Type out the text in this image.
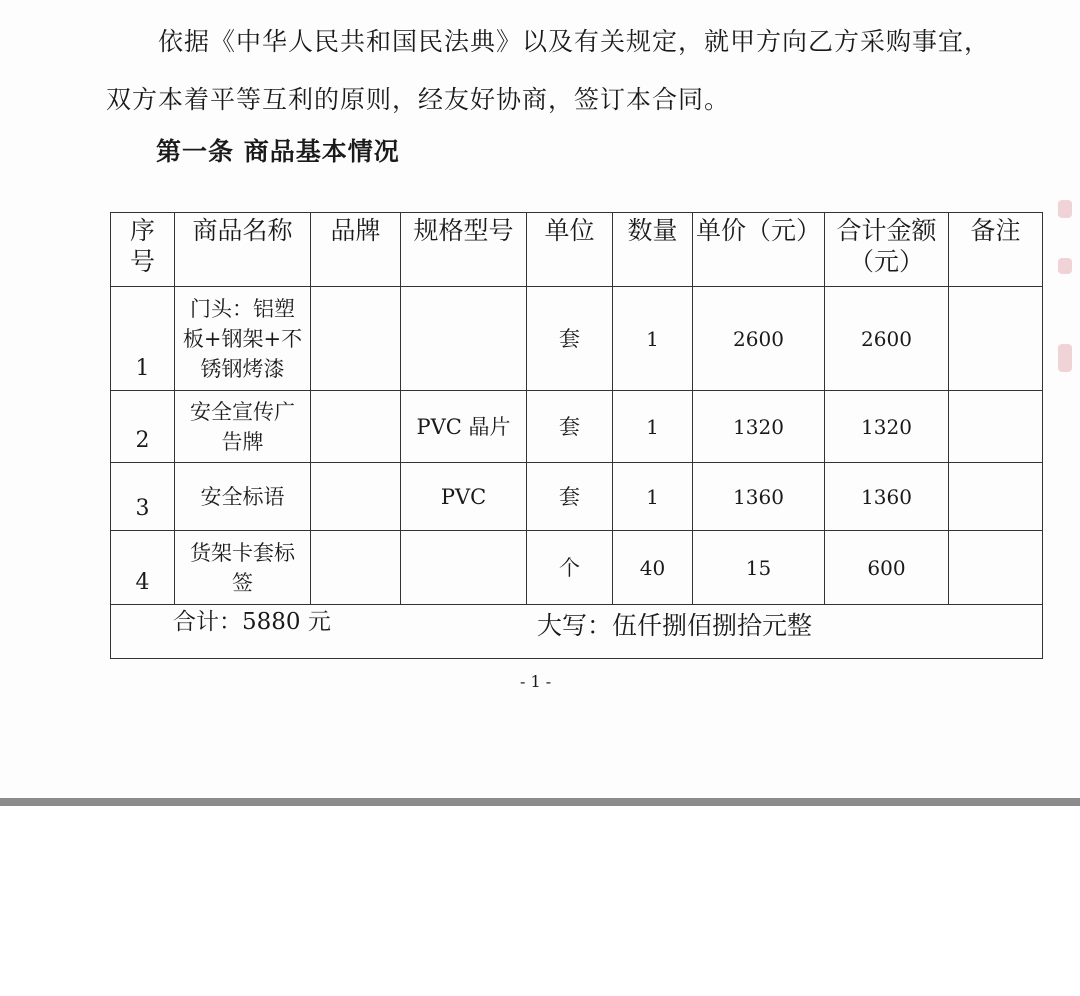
依据《中华人民共和国民法典》以及有关规定，就甲方向乙方采购事宜，
双方本着平等互利的原则，经友好协商，签订本合同。
第一条 商品基本情况
序
号	商品名称	品牌	规格型号	单位	数量	单价（元）	合计金额
（元）	备注
1	门头：铝塑
板+钢架+不
锈钢烤漆			套	1	2600	2600	
2	安全宣传广
告牌		PVC 晶片	套	1	1320	1320	
3	安全标语		PVC	套	1	1360	1360	
4	货架卡套标
签			个	40	15	600	

合计：5880 元 大写：伍仟捌佰捌拾元整								
- 1 -
